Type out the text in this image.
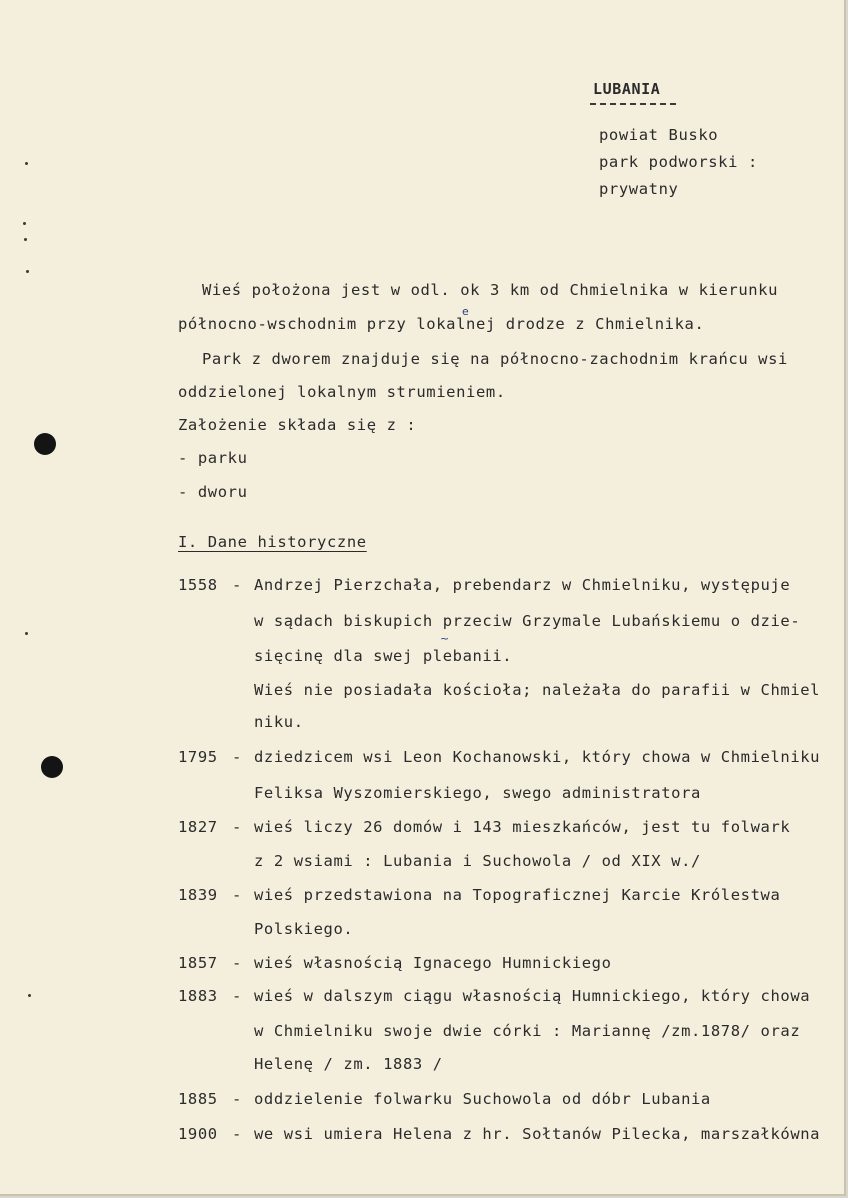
LUBANIA
powiat Busko
park podworski :
prywatny
Wieś położona jest w odl. ok 3 km od Chmielnika w kierunku
północno-wschodnim przy lokalnej drodze z Chmielnika.
e
Park z dworem znajduje się na północno-zachodnim krańcu wsi
oddzielonej lokalnym strumieniem.
Założenie składa się z :
- parku
- dworu
I. Dane historyczne
1558 - Andrzej Pierzchała, prebendarz w Chmielniku, występuje
w sądach biskupich przeciw Grzymale Lubańskiemu o dzie-
sięcinę dla swej plebanii.
~
Wieś nie posiadała kościoła; należała do parafii w Chmiel
niku.
1795 - dziedzicem wsi Leon Kochanowski, który chowa w Chmielniku
Feliksa Wyszomierskiego, swego administratora
1827 - wieś liczy 26 domów i 143 mieszkańców, jest tu folwark
z 2 wsiami : Lubania i Suchowola / od XIX w./
1839 - wieś przedstawiona na Topograficznej Karcie Królestwa
Polskiego.
1857 - wieś własnością Ignacego Humnickiego
1883 - wieś w dalszym ciągu własnością Humnickiego, który chowa
w Chmielniku swoje dwie córki : Mariannę /zm.1878/ oraz
Helenę / zm. 1883 /
1885 - oddzielenie folwarku Suchowola od dóbr Lubania
1900 - we wsi umiera Helena z hr. Sołtanów Pilecka, marszałkówna
